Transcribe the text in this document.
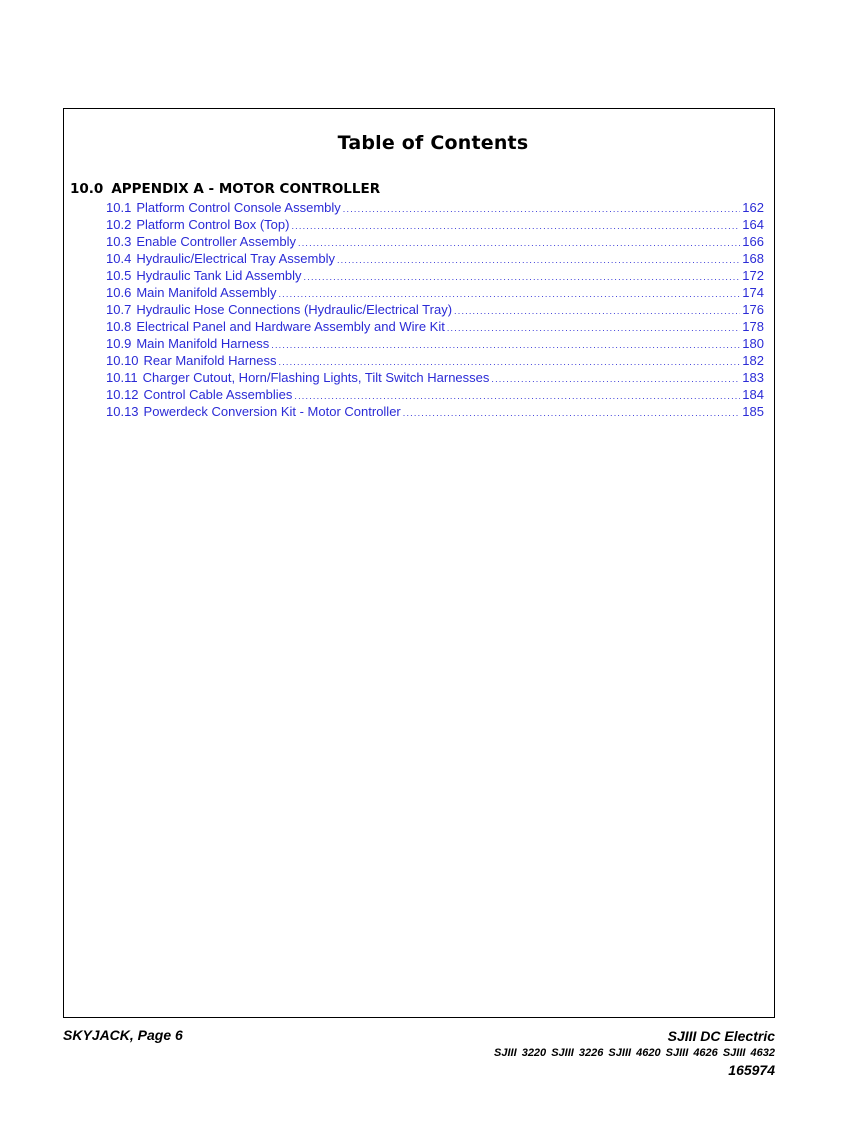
Table of Contents
10.0 APPENDIX A - MOTOR CONTROLLER
10.1 Platform Control Console Assembly .....	162
10.2 Platform Control Box (Top) .....	164
10.3 Enable Controller Assembly .....	166
10.4 Hydraulic/Electrical Tray Assembly .....	168
10.5 Hydraulic Tank Lid Assembly .....	172
10.6 Main Manifold Assembly .....	174
10.7 Hydraulic Hose Connections (Hydraulic/Electrical Tray) .....	176
10.8 Electrical Panel and Hardware Assembly and Wire Kit .....	178
10.9 Main Manifold Harness .....	180
10.10 Rear Manifold Harness .....	182
10.11 Charger Cutout, Horn/Flashing Lights, Tilt Switch Harnesses .....	183
10.12 Control Cable Assemblies .....	184
10.13 Powerdeck Conversion Kit - Motor Controller .....	185
SKYJACK, Page 6	SJIII DC Electric
SJIII 3220 SJIII 3226 SJIII 4620 SJIII 4626 SJIII 4632
165974
